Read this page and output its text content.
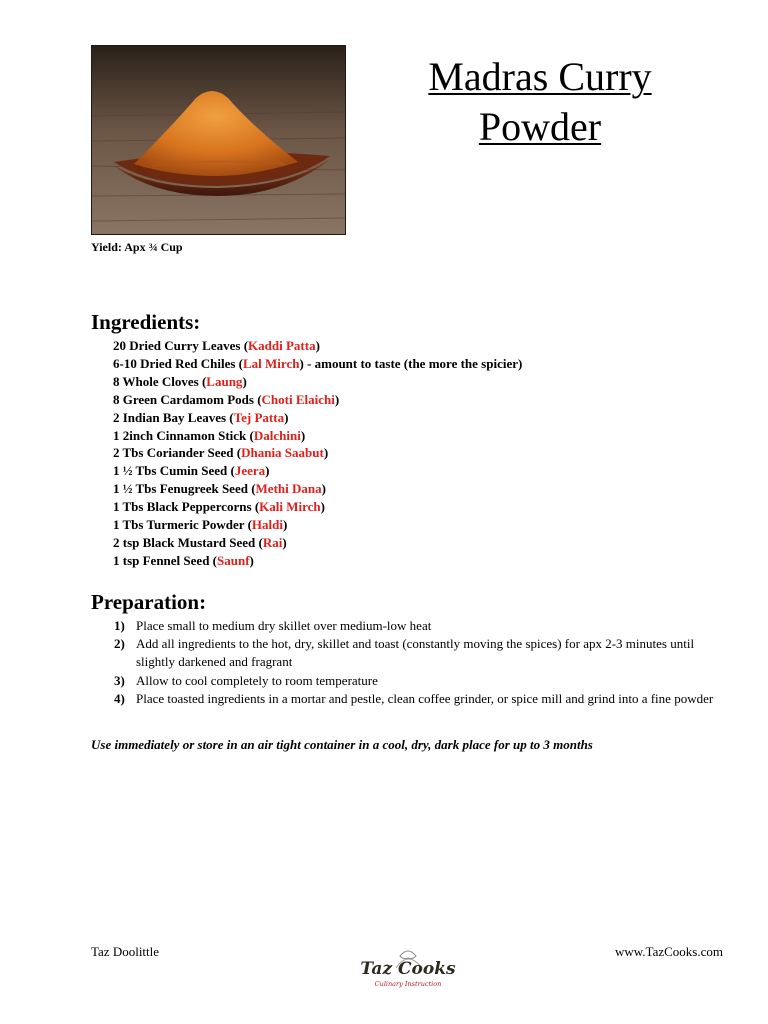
Madras Curry Powder
Yield: Apx ¾ Cup
Ingredients:
20 Dried Curry Leaves (Kaddi Patta)
6-10 Dried Red Chiles (Lal Mirch) - amount to taste (the more the spicier)
8 Whole Cloves (Laung)
8 Green Cardamom Pods (Choti Elaichi)
2 Indian Bay Leaves (Tej Patta)
1 2inch Cinnamon Stick (Dalchini)
2 Tbs Coriander Seed (Dhania Saabut)
1 ½ Tbs Cumin Seed (Jeera)
1 ½ Tbs Fenugreek Seed (Methi Dana)
1 Tbs Black Peppercorns (Kali Mirch)
1 Tbs Turmeric Powder (Haldi)
2 tsp Black Mustard Seed (Rai)
1 tsp Fennel Seed (Saunf)
Preparation:
1) Place small to medium dry skillet over medium-low heat
2) Add all ingredients to the hot, dry, skillet and toast (constantly moving the spices) for apx 2-3 minutes until slightly darkened and fragrant
3) Allow to cool completely to room temperature
4) Place toasted ingredients in a mortar and pestle, clean coffee grinder, or spice mill and grind into a fine powder
Use immediately or store in an air tight container in a cool, dry, dark place for up to 3 months
Taz Doolittle
Taz Cooks
Culinary Instruction
www.TazCooks.com
